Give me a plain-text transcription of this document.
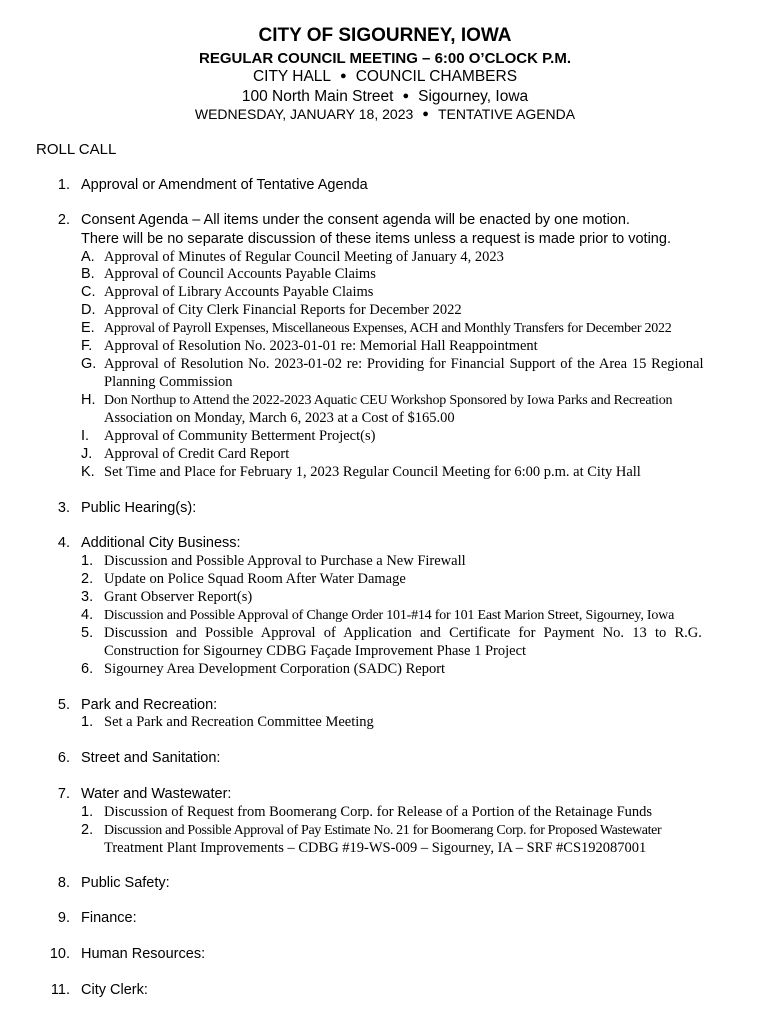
CITY OF SIGOURNEY, IOWA
REGULAR COUNCIL MEETING – 6:00 O’CLOCK P.M.
CITY HALL ● COUNCIL CHAMBERS
100 North Main Street ● Sigourney, Iowa
WEDNESDAY, JANUARY 18, 2023 ● TENTATIVE AGENDA
ROLL CALL
1. Approval or Amendment of Tentative Agenda
2. Consent Agenda – All items under the consent agenda will be enacted by one motion.
There will be no separate discussion of these items unless a request is made prior to voting.
A. Approval of Minutes of Regular Council Meeting of January 4, 2023
B. Approval of Council Accounts Payable Claims
C. Approval of Library Accounts Payable Claims
D. Approval of City Clerk Financial Reports for December 2022
E. Approval of Payroll Expenses, Miscellaneous Expenses, ACH and Monthly Transfers for December 2022
F. Approval of Resolution No. 2023-01-01 re: Memorial Hall Reappointment
G. Approval of Resolution No. 2023-01-02 re: Providing for Financial Support of the Area 15 Regional
Planning Commission
H. Don Northup to Attend the 2022-2023 Aquatic CEU Workshop Sponsored by Iowa Parks and Recreation
Association on Monday, March 6, 2023 at a Cost of $165.00
I. Approval of Community Betterment Project(s)
J. Approval of Credit Card Report
K. Set Time and Place for February 1, 2023 Regular Council Meeting for 6:00 p.m. at City Hall
3. Public Hearing(s):
4. Additional City Business:
1. Discussion and Possible Approval to Purchase a New Firewall
2. Update on Police Squad Room After Water Damage
3. Grant Observer Report(s)
4. Discussion and Possible Approval of Change Order 101-#14 for 101 East Marion Street, Sigourney, Iowa
5. Discussion and Possible Approval of Application and Certificate for Payment No. 13 to R.G.
Construction for Sigourney CDBG Façade Improvement Phase 1 Project
6. Sigourney Area Development Corporation (SADC) Report
5. Park and Recreation:
1. Set a Park and Recreation Committee Meeting
6. Street and Sanitation:
7. Water and Wastewater:
1. Discussion of Request from Boomerang Corp. for Release of a Portion of the Retainage Funds
2. Discussion and Possible Approval of Pay Estimate No. 21 for Boomerang Corp. for Proposed Wastewater
Treatment Plant Improvements – CDBG #19-WS-009 – Sigourney, IA – SRF #CS192087001
8. Public Safety:
9. Finance:
10. Human Resources:
11. City Clerk:
